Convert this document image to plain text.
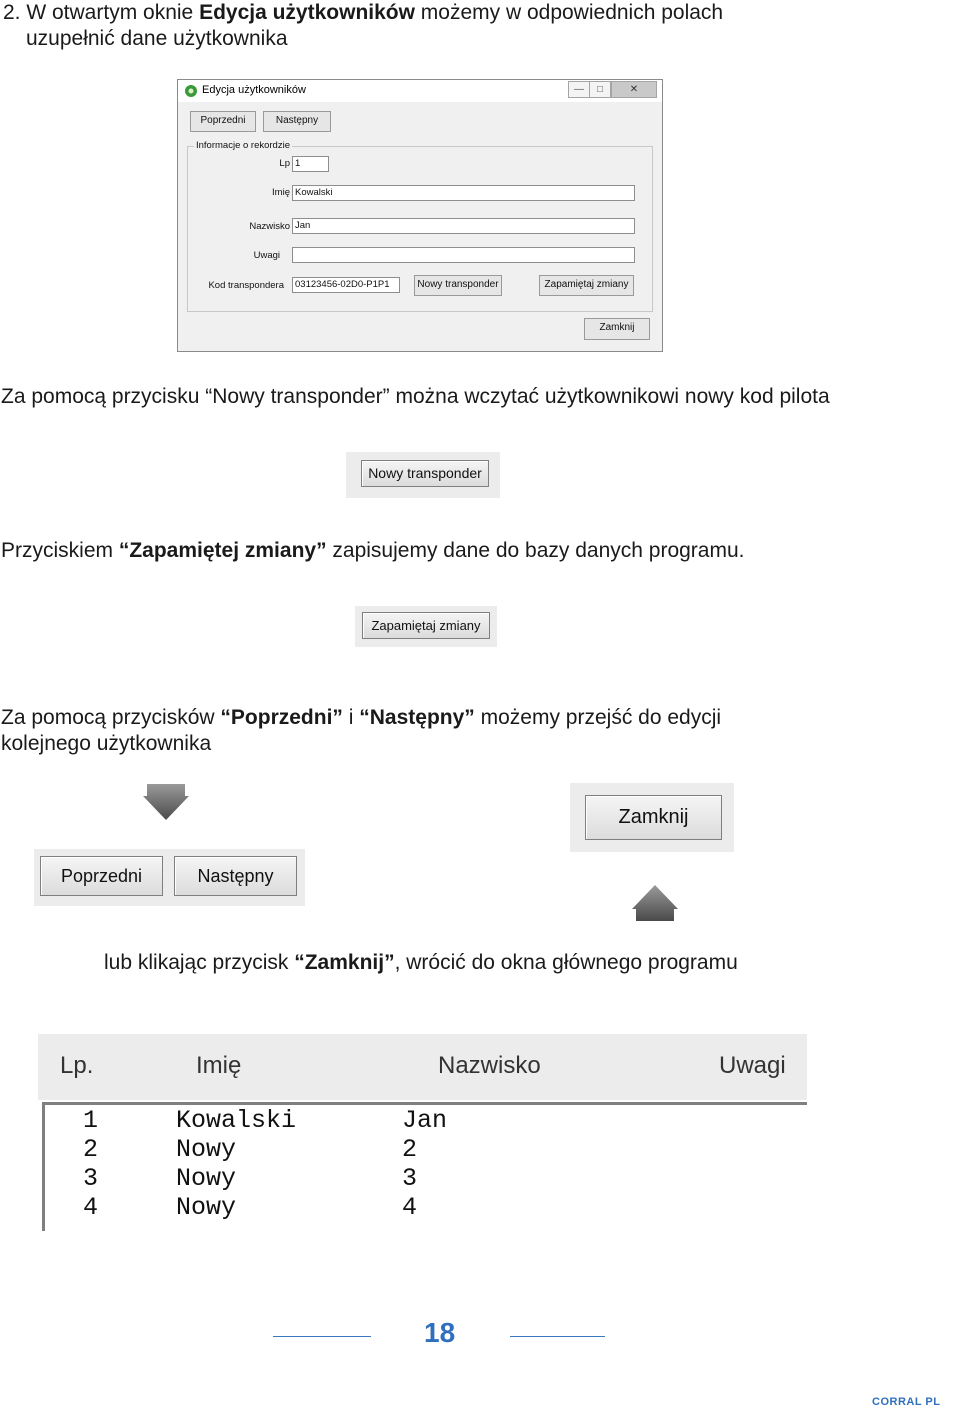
2. W otwartym oknie Edycja użytkowników możemy w odpowiednich polach

uzupełnić dane użytkownika

Edycja użytkowników	—	□	✕
Poprzedni	Następny
Informacje o rekordzie
Lp 1
Imię Kowalski
Nazwisko Jan
Uwagi
Kod transpondera	03123456-02D0-P1P1	Nowy transponder	Zapamiętaj zmiany
Zamknij

Za pomocą przycisku “Nowy transponder” można wczytać użytkownikowi nowy kod pilota

Nowy transponder

Przyciskiem “Zapamiętej zmiany” zapisujemy dane do bazy danych programu.

Zapamiętaj zmiany

Za pomocą przycisków “Poprzedni” i “Następny” możemy przejść do edycji

kolejnego użytkownika

Poprzedni	Następny
Zamknij

lub klikając przycisk “Zamknij”, wrócić do okna głównego programu

Lp.	Imię	Nazwisko	Uwagi
1	Kowalski	Jan
2	Nowy	2
3	Nowy	3
4	Nowy	4
18
CORRAL PL
